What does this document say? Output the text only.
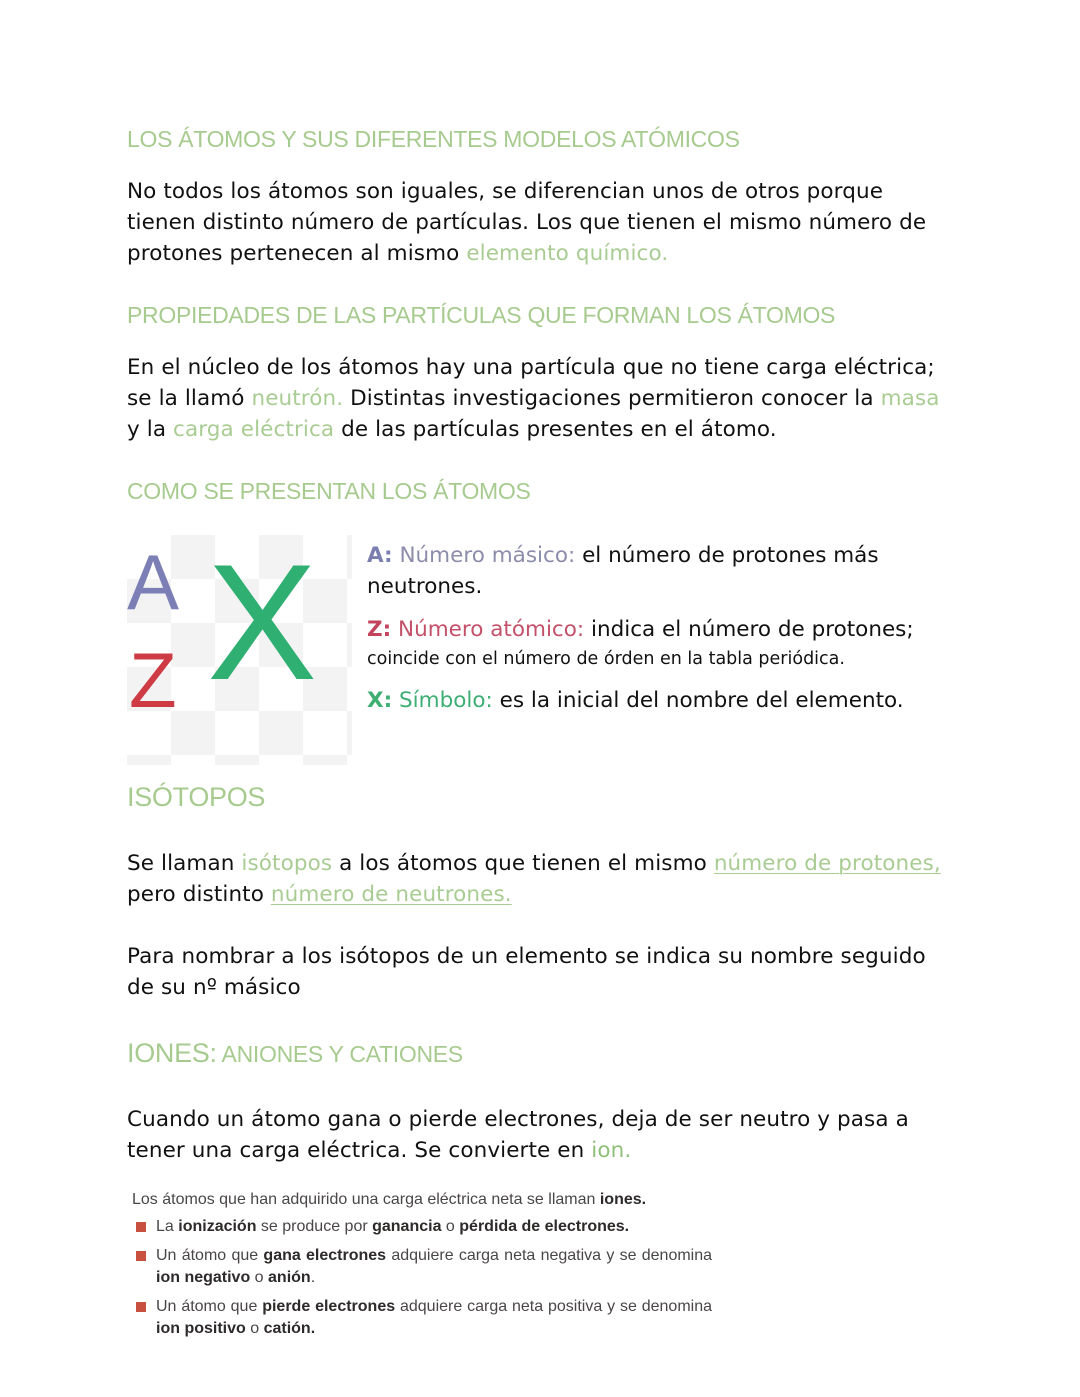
LOS ÁTOMOS Y SUS DIFERENTES MODELOS ATÓMICOS
No todos los átomos son iguales, se diferencian unos de otros porque
tienen distinto número de partículas. Los que tienen el mismo número de
protones pertenecen al mismo elemento químico.
PROPIEDADES DE LAS PARTÍCULAS QUE FORMAN LOS ÁTOMOS
En el núcleo de los átomos hay una partícula que no tiene carga eléctrica;
se la llamó neutrón. Distintas investigaciones permitieron conocer la masa
y la carga eléctrica de las partículas presentes en el átomo.
COMO SE PRESENTAN LOS ÁTOMOS
A
Z X A: Número másico: el número de protones más neutrones.
Z: Número atómico: indica el número de protones;
coincide con el número de órden en la tabla periódica.
X: Símbolo: es la inicial del nombre del elemento.
ISÓTOPOS
Se llaman isótopos a los átomos que tienen el mismo número de protones,
pero distinto número de neutrones.
Para nombrar a los isótopos de un elemento se indica su nombre seguido
de su nº másico
IONES: ANIONES Y CATIONES
Cuando un átomo gana o pierde electrones, deja de ser neutro y pasa a
tener una carga eléctrica. Se convierte en ion.
Los átomos que han adquirido una carga eléctrica neta se llaman iones.
La ionización se produce por ganancia o pérdida de electrones.
Un átomo que gana electrones adquiere carga neta negativa y se denomina ion negativo o anión.
Un átomo que pierde electrones adquiere carga neta positiva y se denomina ion positivo o catión.
